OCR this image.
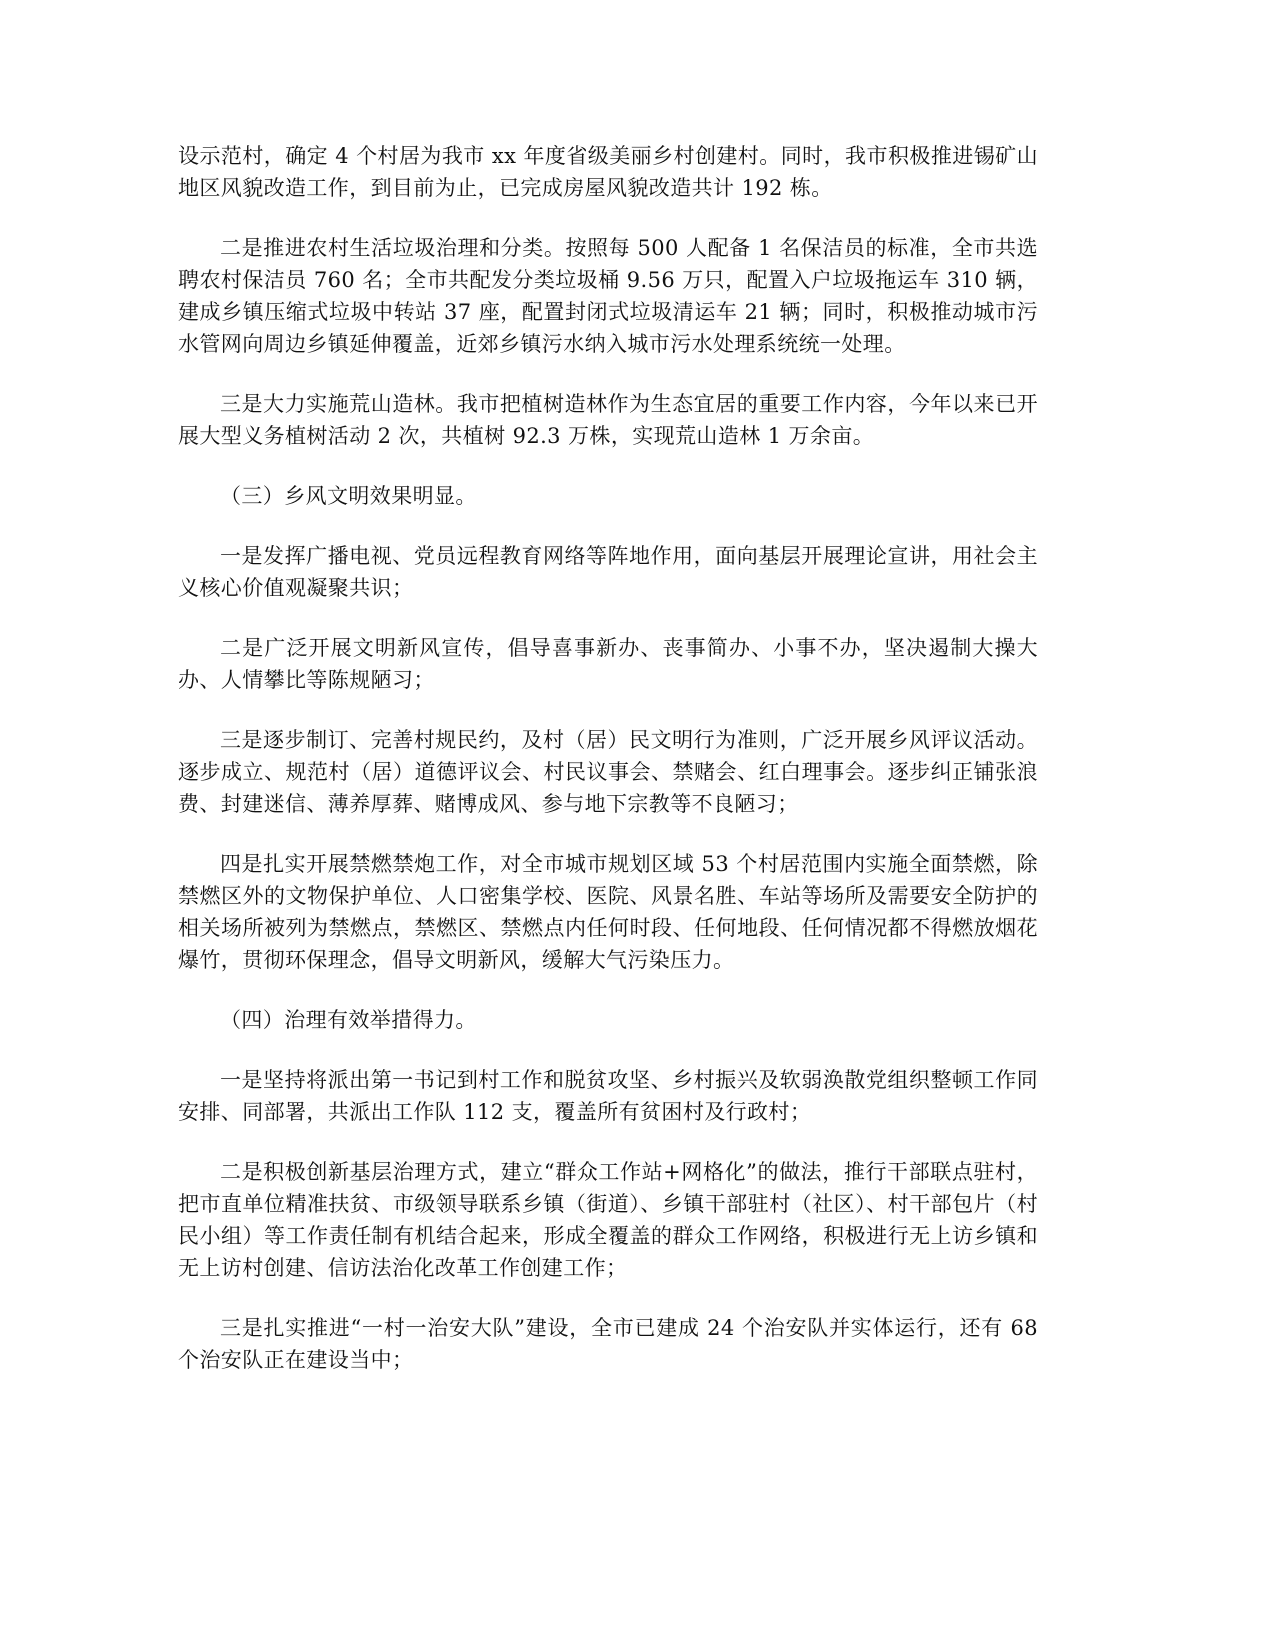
设示范村，确定 4 个村居为我市 xx 年度省级美丽乡村创建村。同时，我市积极推进锡矿山地区风貌改造工作，到目前为止，已完成房屋风貌改造共计 192 栋。

二是推进农村生活垃圾治理和分类。按照每 500 人配备 1 名保洁员的标准，全市共选聘农村保洁员 760 名；全市共配发分类垃圾桶 9.56 万只，配置入户垃圾拖运车 310 辆，建成乡镇压缩式垃圾中转站 37 座，配置封闭式垃圾清运车 21 辆；同时，积极推动城市污水管网向周边乡镇延伸覆盖，近郊乡镇污水纳入城市污水处理系统统一处理。

三是大力实施荒山造林。我市把植树造林作为生态宜居的重要工作内容，今年以来已开展大型义务植树活动 2 次，共植树 92.3 万株，实现荒山造林 1 万余亩。

（三）乡风文明效果明显。

一是发挥广播电视、党员远程教育网络等阵地作用，面向基层开展理论宣讲，用社会主义核心价值观凝聚共识；

二是广泛开展文明新风宣传，倡导喜事新办、丧事简办、小事不办，坚决遏制大操大办、人情攀比等陈规陋习；

三是逐步制订、完善村规民约，及村（居）民文明行为准则，广泛开展乡风评议活动。逐步成立、规范村（居）道德评议会、村民议事会、禁赌会、红白理事会。逐步纠正铺张浪费、封建迷信、薄养厚葬、赌博成风、参与地下宗教等不良陋习；

四是扎实开展禁燃禁炮工作，对全市城市规划区域 53 个村居范围内实施全面禁燃，除禁燃区外的文物保护单位、人口密集学校、医院、风景名胜、车站等场所及需要安全防护的相关场所被列为禁燃点，禁燃区、禁燃点内任何时段、任何地段、任何情况都不得燃放烟花爆竹，贯彻环保理念，倡导文明新风，缓解大气污染压力。

（四）治理有效举措得力。

一是坚持将派出第一书记到村工作和脱贫攻坚、乡村振兴及软弱涣散党组织整顿工作同安排、同部署，共派出工作队 112 支，覆盖所有贫困村及行政村；

二是积极创新基层治理方式，建立“群众工作站+网格化”的做法，推行干部联点驻村，把市直单位精准扶贫、市级领导联系乡镇（街道）、乡镇干部驻村（社区）、村干部包片（村民小组）等工作责任制有机结合起来，形成全覆盖的群众工作网络，积极进行无上访乡镇和无上访村创建、信访法治化改革工作创建工作；

三是扎实推进“一村一治安大队”建设，全市已建成 24 个治安队并实体运行，还有 68 个治安队正在建设当中；
